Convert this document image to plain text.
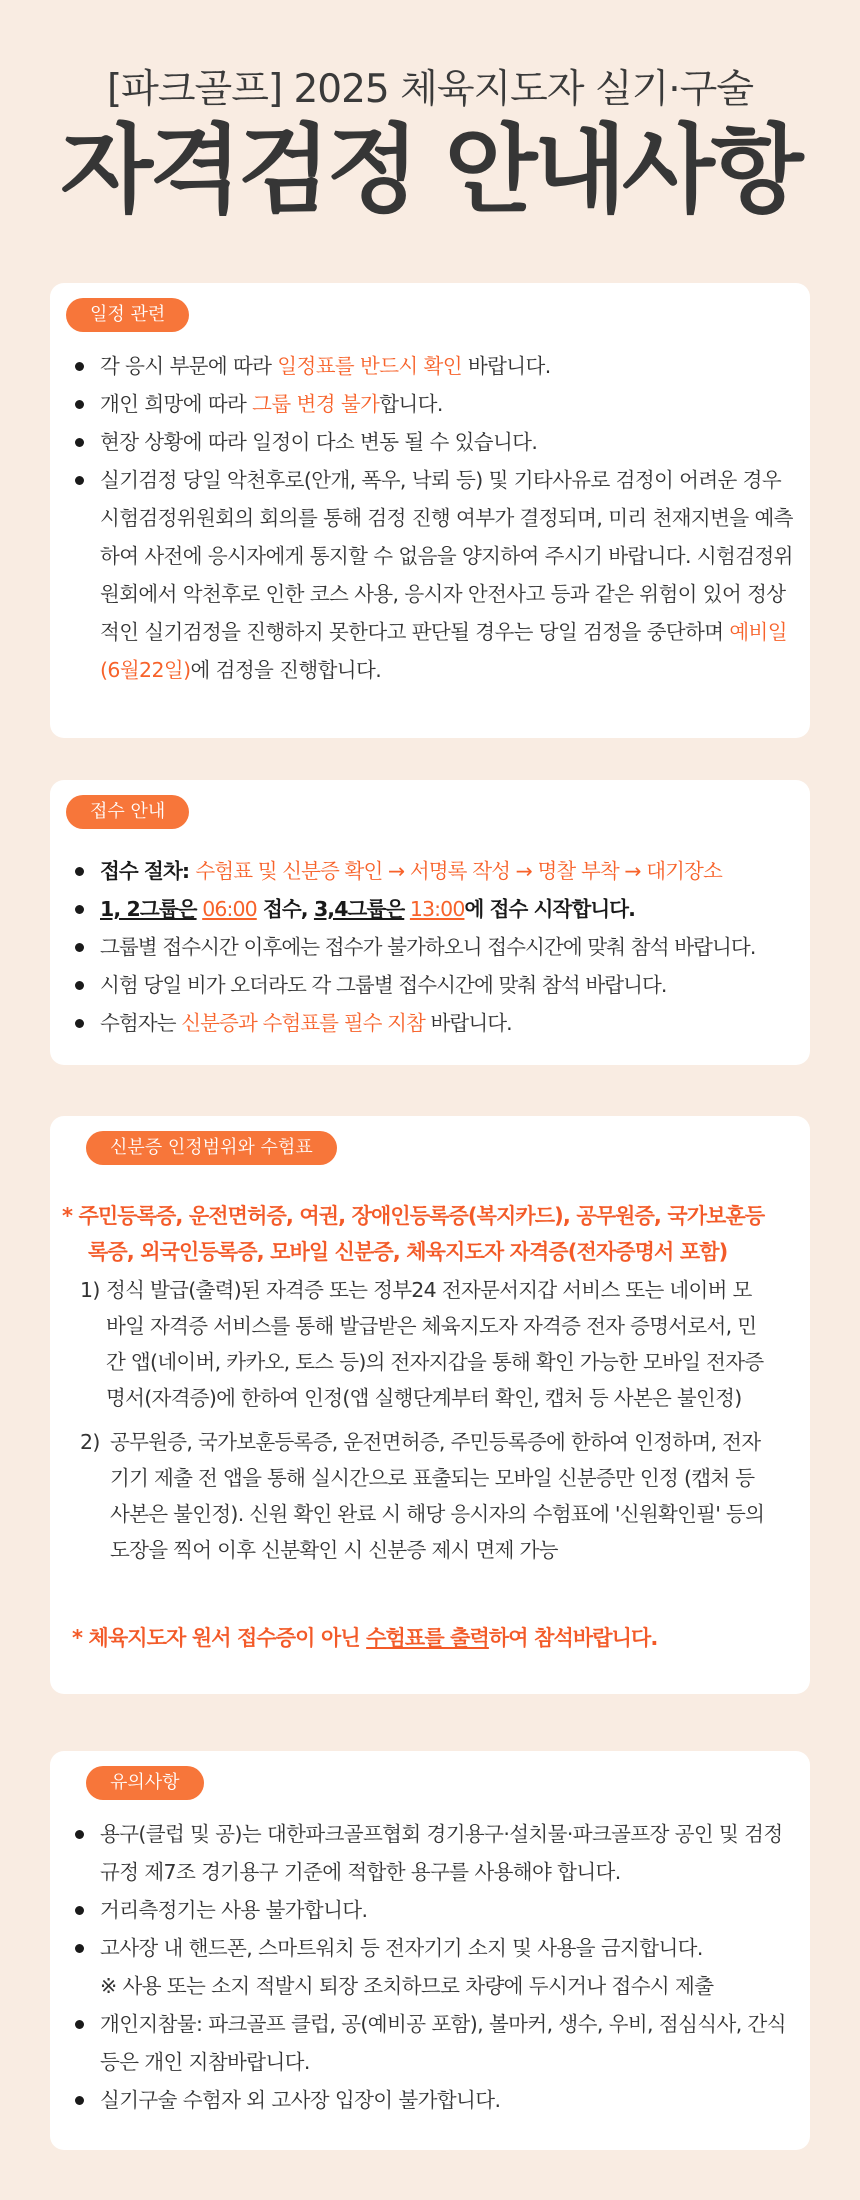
[파크골프] 2025 체육지도자 실기·구술
자격검정 안내사항
일정 관련
각 응시 부문에 따라 일정표를 반드시 확인 바랍니다.
개인 희망에 따라 그룹 변경 불가합니다.
현장 상황에 따라 일정이 다소 변동 될 수 있습니다.
실기검정 당일 악천후로(안개, 폭우, 낙뢰 등) 및 기타사유로 검정이 어려운 경우 시험검정위원회의 회의를 통해 검정 진행 여부가 결정되며, 미리 천재지변을 예측하여 사전에 응시자에게 통지할 수 없음을 양지하여 주시기 바랍니다. 시험검정위원회에서 악천후로 인한 코스 사용, 응시자 안전사고 등과 같은 위험이 있어 정상적인 실기검정을 진행하지 못한다고 판단될 경우는 당일 검정을 중단하며 예비일(6월22일)에 검정을 진행합니다.
접수 안내
접수 절차: 수험표 및 신분증 확인 → 서명록 작성 → 명찰 부착 → 대기장소
1, 2그룹은 06:00 접수, 3,4그룹은 13:00에 접수 시작합니다.
그룹별 접수시간 이후에는 접수가 불가하오니 접수시간에 맞춰 참석 바랍니다.
시험 당일 비가 오더라도 각 그룹별 접수시간에 맞춰 참석 바랍니다.
수험자는 신분증과 수험표를 필수 지참 바랍니다.
신분증 인정범위와 수험표
* 주민등록증, 운전면허증, 여권, 장애인등록증(복지카드), 공무원증, 국가보훈등록증, 외국인등록증, 모바일 신분증, 체육지도자 자격증(전자증명서 포함)
1) 정식 발급(출력)된 자격증 또는 정부24 전자문서지갑 서비스 또는 네이버 모바일 자격증 서비스를 통해 발급받은 체육지도자 자격증 전자 증명서로서, 민간 앱(네이버, 카카오, 토스 등)의 전자지갑을 통해 확인 가능한 모바일 전자증명서(자격증)에 한하여 인정(앱 실행단계부터 확인, 캡처 등 사본은 불인정)
2) 공무원증, 국가보훈등록증, 운전면허증, 주민등록증에 한하여 인정하며, 전자기기 제출 전 앱을 통해 실시간으로 표출되는 모바일 신분증만 인정 (캡처 등 사본은 불인정). 신원 확인 완료 시 해당 응시자의 수험표에 '신원확인필' 등의 도장을 찍어 이후 신분확인 시 신분증 제시 면제 가능
* 체육지도자 원서 접수증이 아닌 수험표를 출력하여 참석바랍니다.
유의사항
용구(클럽 및 공)는 대한파크골프협회 경기용구·설치물·파크골프장 공인 및 검정규정 제7조 경기용구 기준에 적합한 용구를 사용해야 합니다.
거리측정기는 사용 불가합니다.
고사장 내 핸드폰, 스마트워치 등 전자기기 소지 및 사용을 금지합니다.
※ 사용 또는 소지 적발시 퇴장 조치하므로 차량에 두시거나 접수시 제출
개인지참물: 파크골프 클럽, 공(예비공 포함), 볼마커, 생수, 우비, 점심식사, 간식 등은 개인 지참바랍니다.
실기구술 수험자 외 고사장 입장이 불가합니다.
